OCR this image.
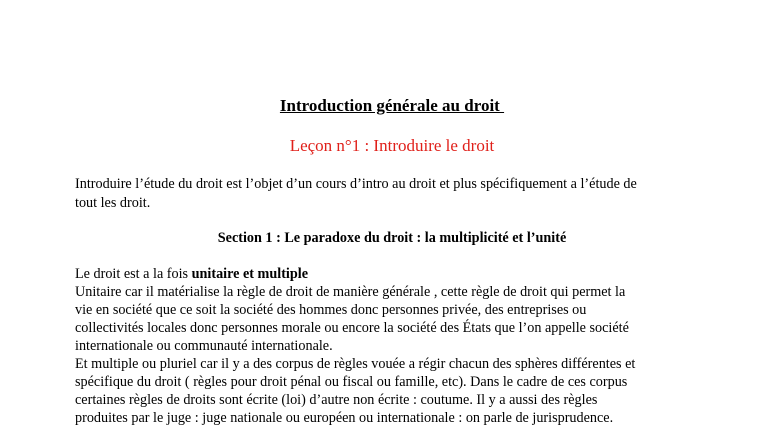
Introduction générale au droit
Leçon n°1 : Introduire le droit
Introduire l’étude du droit est l’objet d’un cours d’intro au droit et plus spécifiquement a l’étude de
tout les droit.
Section 1 : Le paradoxe du droit : la multiplicité et l’unité
Le droit est a la fois unitaire et multiple
Unitaire car il matérialise la règle de droit de manière générale , cette règle de droit qui permet la
vie en société que ce soit la société des hommes donc personnes privée, des entreprises ou
collectivités locales donc personnes morale ou encore la société des États que l’on appelle société
internationale ou communauté internationale.
Et multiple ou pluriel car il y a des corpus de règles vouée a régir chacun des sphères différentes et
spécifique du droit ( règles pour droit pénal ou fiscal ou famille, etc). Dans le cadre de ces corpus
certaines règles de droits sont écrite (loi) d’autre non écrite : coutume. Il y a aussi des règles
produites par le juge : juge nationale ou européen ou internationale : on parle de jurisprudence.
